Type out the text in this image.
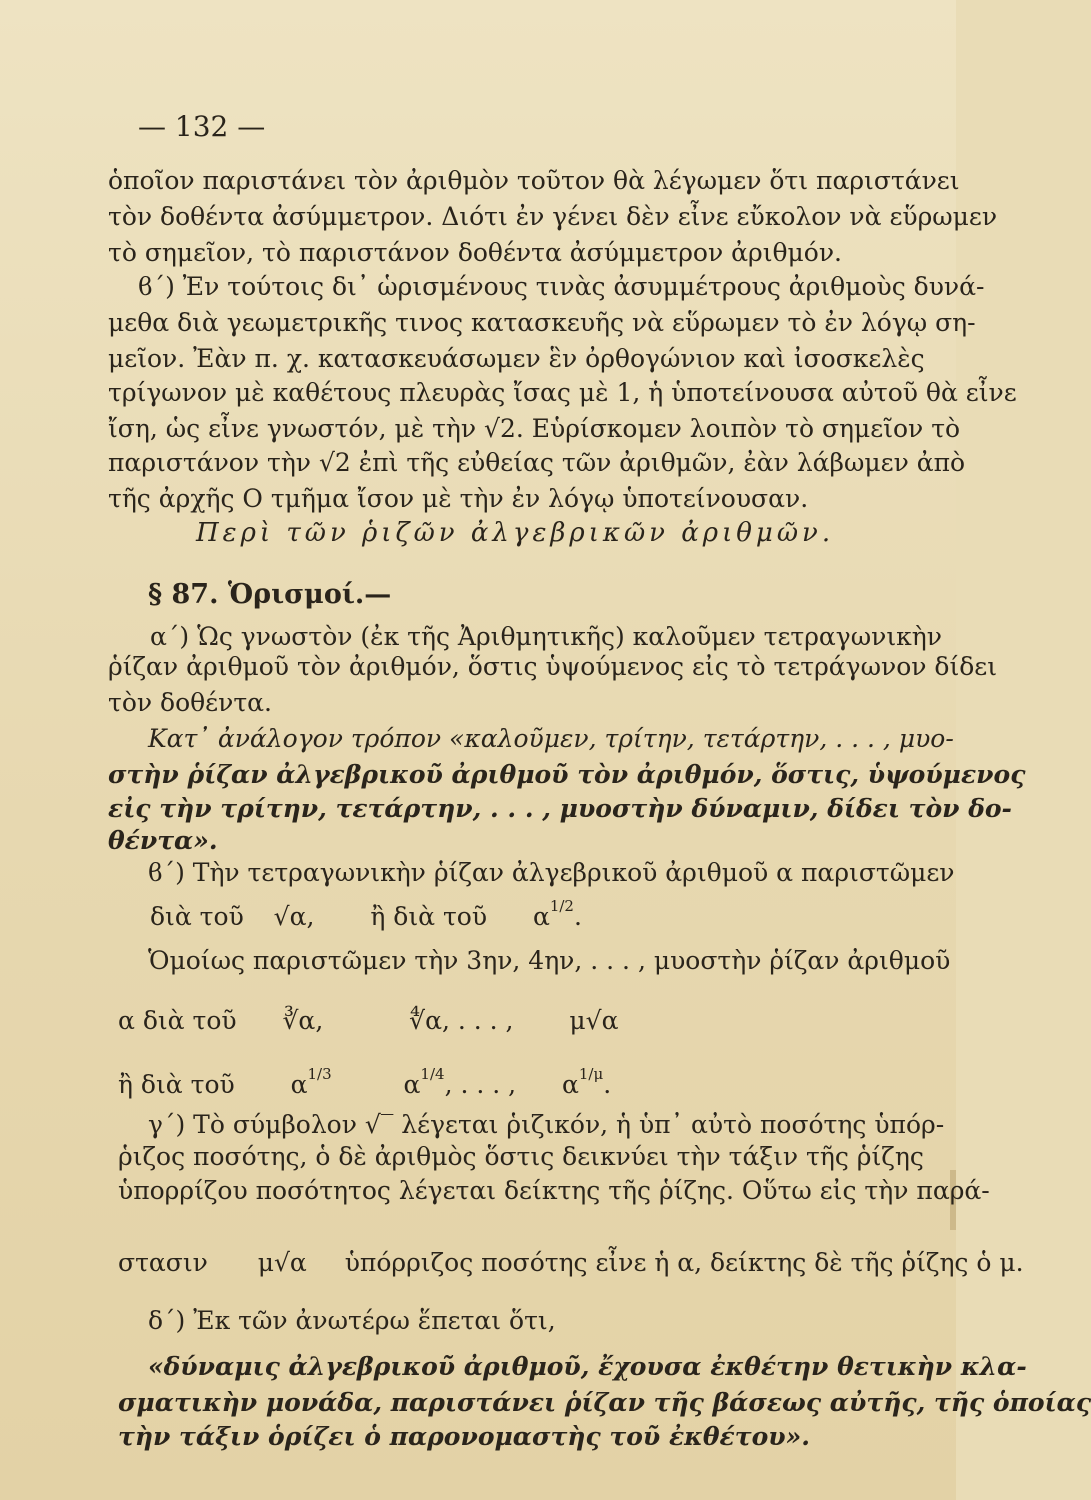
— 132 —
ὁποῖον παριστάνει τὸν ἀριθμὸν τοῦτον θὰ λέγωμεν ὅτι παριστάνει
τὸν δοθέντα ἀσύμμετρον. Διότι ἐν γένει δὲν εἶνε εὔκολον νὰ εὕρωμεν
τὸ σημεῖον, τὸ παριστάνον δοθέντα ἀσύμμετρον ἀριθμόν.
ϐ΄) Ἐν τούτοις δι᾽ ὡρισμένους τινὰς ἀσυμμέτρους ἀριθμοὺς δυνά-
μεθα διὰ γεωμετρικῆς τινος κατασκευῆς νὰ εὕρωμεν τὸ ἐν λόγῳ ση-
μεῖον. Ἐὰν π. χ. κατασκευάσωμεν ἓν ὀρθογώνιον καὶ ἰσοσκελὲς
τρίγωνον μὲ καθέτους πλευρὰς ἴσας μὲ 1, ἡ ὑποτείνουσα αὐτοῦ θὰ εἶνε
ἴση, ὡς εἶνε γνωστόν, μὲ τὴν √2. Εὑρίσκομεν λοιπὸν τὸ σημεῖον τὸ
παριστάνον τὴν √2 ἐπὶ τῆς εὐθείας τῶν ἀριθμῶν, ἐὰν λάβωμεν ἀπὸ
τῆς ἀρχῆς Ο τμῆμα ἴσον μὲ τὴν ἐν λόγῳ ὑποτείνουσαν.
Περὶ τῶν ῥιζῶν ἀλγεβρικῶν ἀριθμῶν.
§ 87. Ὁρισμοί.—
α΄) Ὡς γνωστὸν (ἐκ τῆς Ἀριθμητικῆς) καλοῦμεν τετραγωνικὴν
ῥίζαν ἀριθμοῦ τὸν ἀριθμόν, ὅστις ὑψούμενος εἰς τὸ τετράγωνον δίδει
τὸν δοθέντα.
Κατ᾽ ἀνάλογον τρόπον «καλοῦμεν, τρίτην, τετάρτην, . . . , μυο-
στὴν ῥίζαν ἀλγεβρικοῦ ἀριθμοῦ τὸν ἀριθμόν, ὅστις, ὑψούμενος
εἰς τὴν τρίτην, τετάρτην, . . . , μυοστὴν δύναμιν, δίδει τὸν δο-
θέντα».
ϐ΄) Τὴν τετραγωνικὴν ῥίζαν ἀλγεβρικοῦ ἀριθμοῦ α παριστῶμεν
διὰ τοῦ √α, ἢ διὰ τοῦ $\alpha^{1/2}$.
Ὁμοίως παριστῶμεν τὴν 3ην, 4ην, . . . , μυοστὴν ῥίζαν ἀριθμοῦ
α διὰ τοῦ ∛α,	∜α, . . . , μ√α
ἢ διὰ τοῦ $\alpha^{1/3}$	$\alpha^{1/4}$, . . . , $\alpha^{1/\mu}$.
γ΄) Τὸ σύμβολον √‾ λέγεται ῥιζικόν, ἡ ὑπ᾽ αὐτὸ ποσότης ὑπόρ-
ῥιζος ποσότης, ὁ δὲ ἀριθμὸς ὅστις δεικνύει τὴν τάξιν τῆς ῥίζης
ὑπορρίζου ποσότητος λέγεται δείκτης τῆς ῥίζης. Οὕτω εἰς τὴν παρά-
στασιν μ√α ὑπόρριζος ποσότης εἶνε ἡ α, δείκτης δὲ τῆς ῥίζης ὁ μ.
δ΄) Ἐκ τῶν ἀνωτέρω ἕπεται ὅτι,
«δύναμις ἀλγεβρικοῦ ἀριθμοῦ, ἔχουσα ἐκθέτην θετικὴν κλα-
σματικὴν μονάδα, παριστάνει ῥίζαν τῆς βάσεως αὐτῆς, τῆς ὁποίας
τὴν τάξιν ὁρίζει ὁ παρονομαστὴς τοῦ ἐκθέτου».
